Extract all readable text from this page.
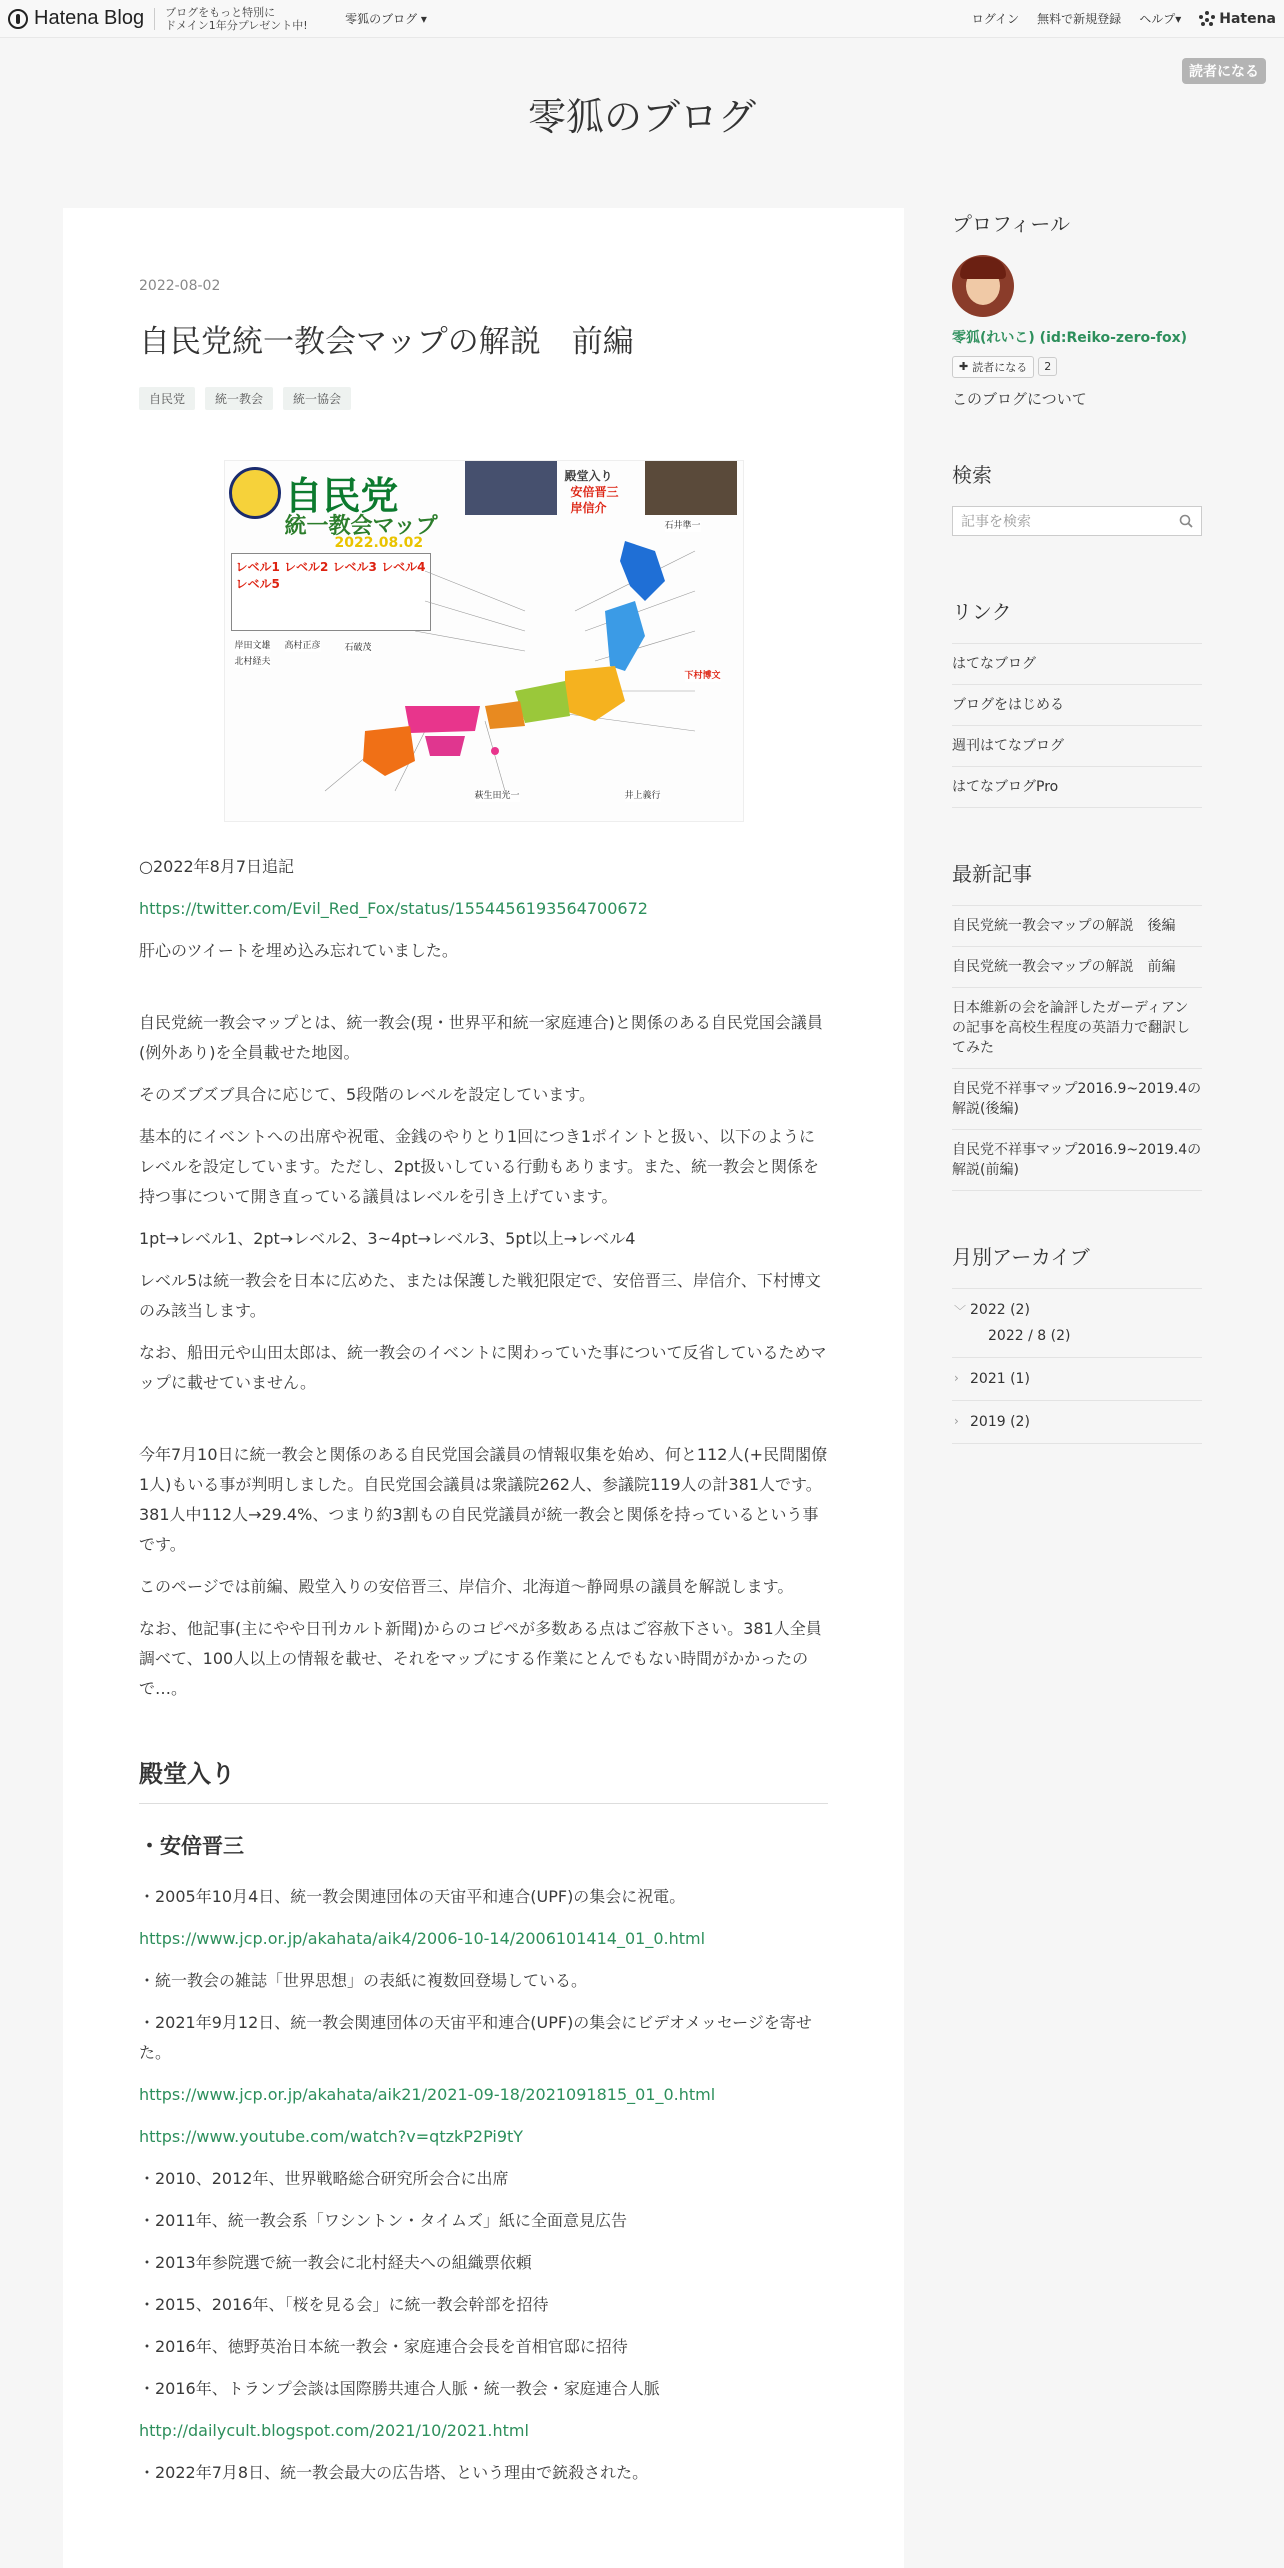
Hatena Blog ブログをもっと特別に
ドメイン1年分プレゼント中!	零狐のブログ ▾	ログイン 無料で新規登録 ヘルプ▾	Hatena
読者になる
零狐のブログ
2022-08-02
自民党統一教会マップの解説　前編
自民党	統一教会	統一協会
自民党
統一教会マップ
2022.08.02
レベル1 レベル2 レベル3 レベル4 レベル5
殿堂入り
安倍晋三
岸信介
岸田文雄
北村経夫
高村正彦	石破茂
石井準一
下村博文
井上義行
萩生田光一
○2022年8月7日追記
https://twitter.com/Evil_Red_Fox/status/1554456193564700672
肝心のツイートを埋め込み忘れていました。
自民党統一教会マップとは、統一教会(現・世界平和統一家庭連合)と関係のある自民党国会議員(例外あり)を全員載せた地図。
そのズブズブ具合に応じて、5段階のレベルを設定しています。
基本的にイベントへの出席や祝電、金銭のやりとり1回につき1ポイントと扱い、以下のようにレベルを設定しています。ただし、2pt扱いしている行動もあります。また、統一教会と関係を持つ事について開き直っている議員はレベルを引き上げています。
1pt→レベル1、2pt→レベル2、3~4pt→レベル3、5pt以上→レベル4
レベル5は統一教会を日本に広めた、または保護した戦犯限定で、安倍晋三、岸信介、下村博文のみ該当します。
なお、船田元や山田太郎は、統一教会のイベントに関わっていた事について反省しているためマップに載せていません。
今年7月10日に統一教会と関係のある自民党国会議員の情報収集を始め、何と112人(+民間閣僚1人)もいる事が判明しました。自民党国会議員は衆議院262人、参議院119人の計381人です。381人中112人→29.4%、つまり約3割もの自民党議員が統一教会と関係を持っているという事です。
このページでは前編、殿堂入りの安倍晋三、岸信介、北海道～静岡県の議員を解説します。
なお、他記事(主にやや日刊カルト新聞)からのコピペが多数ある点はご容赦下さい。381人全員調べて、100人以上の情報を載せ、それをマップにする作業にとんでもない時間がかかったので…。
殿堂入り
・安倍晋三
・2005年10月4日、統一教会関連団体の天宙平和連合(UPF)の集会に祝電。
https://www.jcp.or.jp/akahata/aik4/2006-10-14/2006101414_01_0.html
・統一教会の雑誌「世界思想」の表紙に複数回登場している。
・2021年9月12日、統一教会関連団体の天宙平和連合(UPF)の集会にビデオメッセージを寄せた。
https://www.jcp.or.jp/akahata/aik21/2021-09-18/2021091815_01_0.html
https://www.youtube.com/watch?v=qtzkP2Pi9tY
・2010、2012年、世界戦略総合研究所会合に出席
・2011年、統一教会系「ワシントン・タイムズ」紙に全面意見広告
・2013年参院選で統一教会に北村経夫への組織票依頼
・2015、2016年、「桜を見る会」に統一教会幹部を招待
・2016年、徳野英治日本統一教会・家庭連合会長を首相官邸に招待
・2016年、トランプ会談は国際勝共連合人脈・統一教会・家庭連合人脈
http://dailycult.blogspot.com/2021/10/2021.html
・2022年7月8日、統一教会最大の広告塔、という理由で銃殺された。
プロフィール
零狐(れいこ) (id:Reiko-zero-fox)
✚ 読者になる 2
このブログについて
検索
記事を検索
リンク
はてなブログ
ブログをはじめる
週刊はてなブログ
はてなブログPro
最新記事
自民党統一教会マップの解説　後編
自民党統一教会マップの解説　前編
日本維新の会を論評したガーディアンの記事を高校生程度の英語力で翻訳してみた
自民党不祥事マップ2016.9~2019.4の解説(後編)
自民党不祥事マップ2016.9~2019.4の解説(前編)
月別アーカイブ
﹀ 2022 (2)
2022 / 8 (2)
› 2021 (1)
› 2019 (2)
